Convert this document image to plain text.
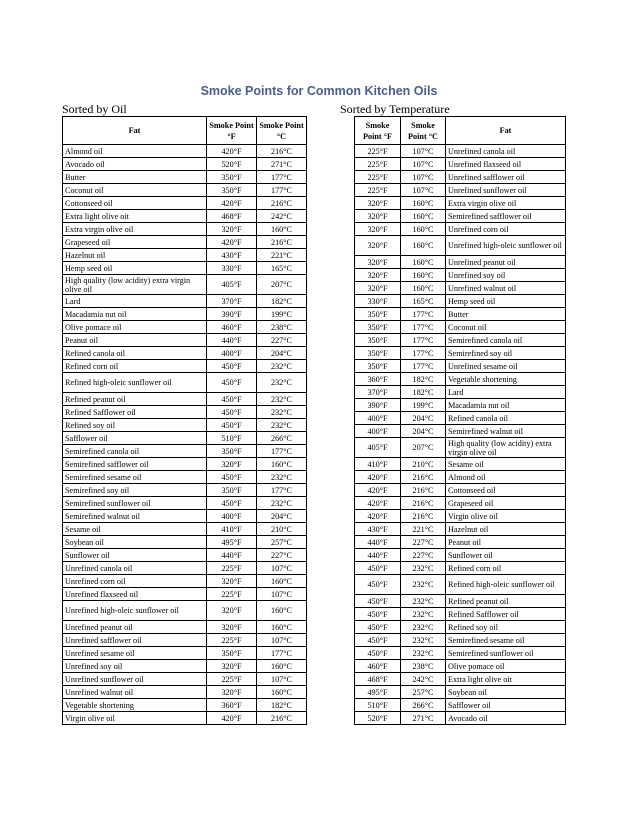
Smoke Points for Common Kitchen Oils
Sorted by Oil	Sorted by Temperature
Fat	Smoke Point °F	Smoke Point °C
Almond oil	420°F	216°C
Avocado oil	520°F	271°C
Butter	350°F	177°C
Coconut oil	350°F	177°C
Cottonseed oil	420°F	216°C
Extra light olive oit	468°F	242°C
Extra virgin olive oil	320°F	160°C
Grapeseed oil	420°F	216°C
Hazelnut oil	430°F	221°C
Hemp seed oil	330°F	165°C
High quality (low acidity) extra virgin olive oil	405°F	207°C
Lard	370°F	182°C
Macadamia nut oil	390°F	199°C
Olive pomace oil	460°F	238°C
Peanut oil	440°F	227°C
Refined canola oil	400°F	204°C
Refined corn oil	450°F	232°C
Refined high-oleic sunflower oil	450°F	232°C
Refined peanut oil	450°F	232°C
Refined Safflower oil	450°F	232°C
Refined soy oil	450°F	232°C
Safflower oil	510°F	266°C
Semirefined canola oil	350°F	177°C
Semirefined safflower oil	320°F	160°C
Semirefined sesame oil	450°F	232°C
Semirefined soy oil	350°F	177°C
Semirefined sunflower oil	450°F	232°C
Semirefined walnut oil	400°F	204°C
Sesame oil	410°F	210°C
Soybean oil	495°F	257°C
Sunflower oil	440°F	227°C
Unrefined canola oil	225°F	107°C
Unrefined corn oil	320°F	160°C
Unrefined flaxseed oil	225°F	107°C
Unrefined high-oleic sunflower oil	320°F	160°C
Unrefined peanut oil	320°F	160°C
Unrefined safflower oil	225°F	107°C
Unrefined sesame oil	350°F	177°C
Unrefined soy oil	320°F	160°C
Unrefined sunflower oil	225°F	107°C
Unrefined walnut oil	320°F	160°C
Vegetable shortening	360°F	182°C
Virgin olive oil	420°F	216°C
Smoke Point °F	Smoke Point °C	Fat
225°F	107°C	Unrefined canola oil
225°F	107°C	Unrefined flaxseed oil
225°F	107°C	Unrefined safflower oil
225°F	107°C	Unrefined sunflower oil
320°F	160°C	Extra virgin olive oil
320°F	160°C	Semirefined safflower oil
320°F	160°C	Unrefined corn oil
320°F	160°C	Unrefined high-oleic sunflower oil
320°F	160°C	Unrefined peanut oil
320°F	160°C	Unrefined soy oil
320°F	160°C	Unrefined walnut oil
330°F	165°C	Hemp seed oil
350°F	177°C	Butter
350°F	177°C	Coconut oil
350°F	177°C	Semirefined canola oil
350°F	177°C	Semirefined soy oil
350°F	177°C	Unrefined sesame oil
360°F	182°C	Vegetable shortening
370°F	182°C	Lard
390°F	199°C	Macadamia nut oil
400°F	204°C	Refined canola oil
400°F	204°C	Semirefined walnut oil
405°F	207°C	High quality (low acidity) extra virgin olive oil
410°F	210°C	Sesame oil
420°F	216°C	Almond oil
420°F	216°C	Cottonseed oil
420°F	216°C	Grapeseed oil
420°F	216°C	Virgin olive oil
430°F	221°C	Hazelnut oil
440°F	227°C	Peanut oil
440°F	227°C	Sunflower oil
450°F	232°C	Refined corn oil
450°F	232°C	Refined high-oleic sunflower oil
450°F	232°C	Refined peanut oil
450°F	232°C	Refined Safflower oil
450°F	232°C	Refined soy oil
450°F	232°C	Semirefined sesame oil
450°F	232°C	Semirefined sunflower oil
460°F	238°C	Olive pomace oil
468°F	242°C	Extra light olive oit
495°F	257°C	Soybean oil
510°F	266°C	Safflower oil
520°F	271°C	Avocado oil
